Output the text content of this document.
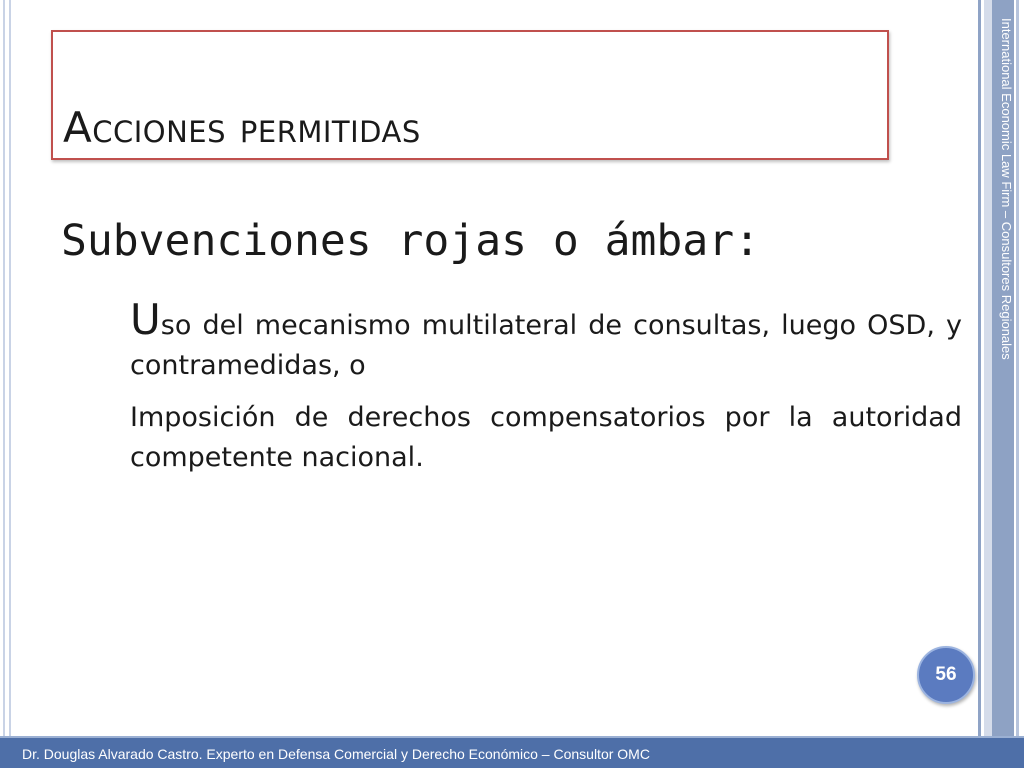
International Economic Law Firm – Consultores Regionales
Acciones permitidas
Subvenciones rojas o ámbar:

Uso del mecanismo multilateral de consultas, luego OSD, y contramedidas, o

Imposición de derechos compensatorios por la autoridad competente nacional.

56
Dr. Douglas Alvarado Castro. Experto en Defensa Comercial y Derecho Económico – Consultor OMC
